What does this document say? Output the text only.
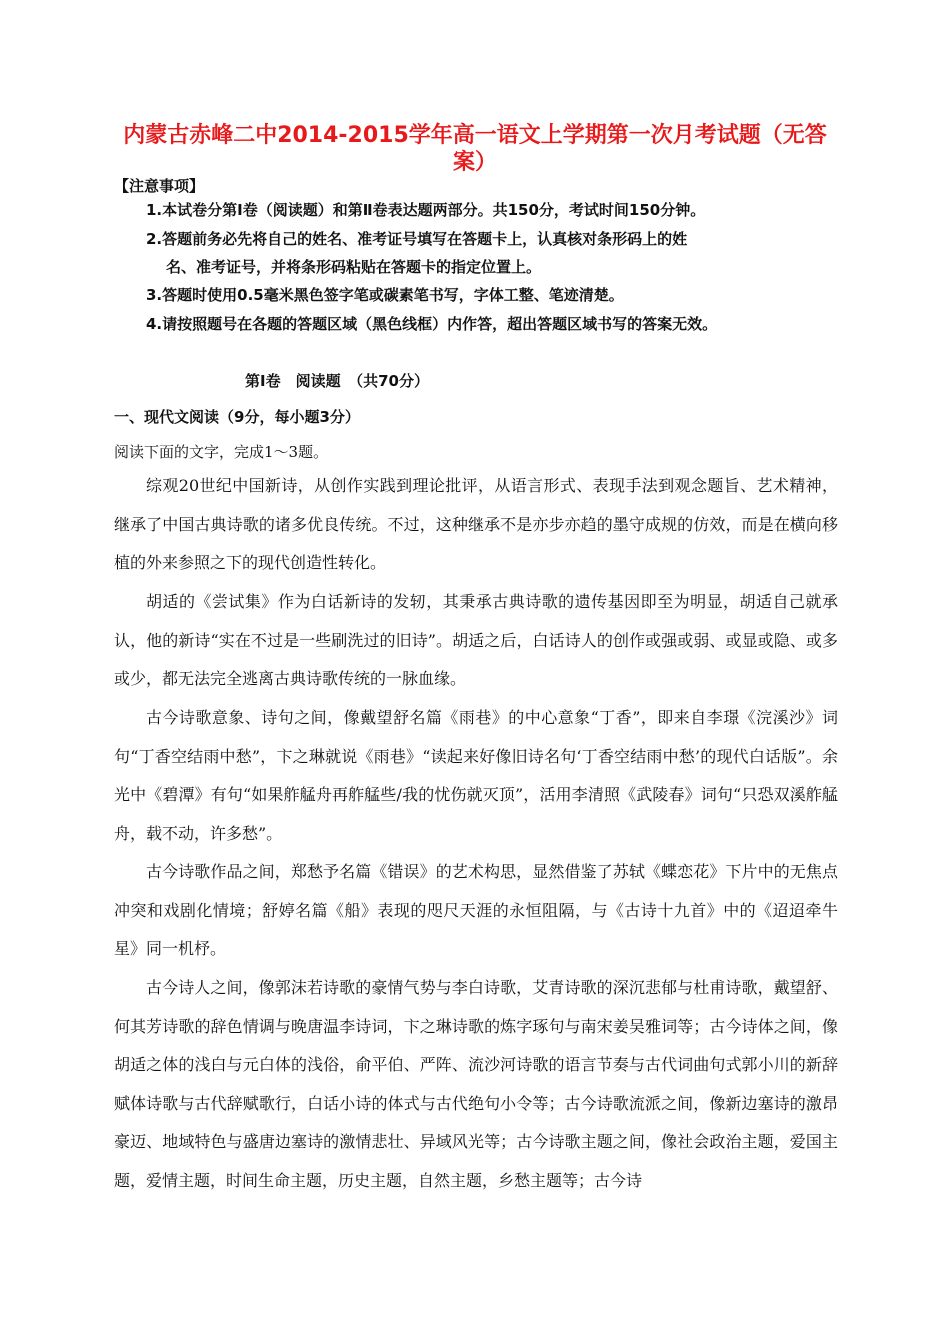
内蒙古赤峰二中2014-2015学年高一语文上学期第一次月考试题（无答案）
【注意事项】
1.本试卷分第Ⅰ卷（阅读题）和第Ⅱ卷表达题两部分。共150分，考试时间150分钟。
2.答题前务必先将自己的姓名、准考证号填写在答题卡上，认真核对条形码上的姓
名、准考证号，并将条形码粘贴在答题卡的指定位置上。
3.答题时使用0.5毫米黑色签字笔或碳素笔书写，字体工整、笔迹清楚。
4.请按照题号在各题的答题区域（黑色线框）内作答，超出答题区域书写的答案无效。
第Ⅰ卷　阅读题　（共70分）
一、现代文阅读（9分，每小题3分）
阅读下面的文字，完成1～3题。

综观20世纪中国新诗，从创作实践到理论批评，从语言形式、表现手法到观念题旨、艺术精神，继承了中国古典诗歌的诸多优良传统。不过，这种继承不是亦步亦趋的墨守成规的仿效，而是在横向移植的外来参照之下的现代创造性转化。

胡适的《尝试集》作为白话新诗的发轫，其秉承古典诗歌的遗传基因即至为明显，胡适自己就承认，他的新诗“实在不过是一些刷洗过的旧诗”。胡适之后，白话诗人的创作或强或弱、或显或隐、或多或少，都无法完全逃离古典诗歌传统的一脉血缘。

古今诗歌意象、诗句之间，像戴望舒名篇《雨巷》的中心意象“丁香”，即来自李璟《浣溪沙》词句“丁香空结雨中愁”，卞之琳就说《雨巷》“读起来好像旧诗名句‘丁香空结雨中愁’的现代白话版”。余光中《碧潭》有句“如果舴艋舟再舴艋些/我的忧伤就灭顶”，活用李清照《武陵春》词句“只恐双溪舴艋舟，载不动，许多愁”。

古今诗歌作品之间，郑愁予名篇《错误》的艺术构思，显然借鉴了苏轼《蝶恋花》下片中的无焦点冲突和戏剧化情境；舒婷名篇《船》表现的咫尺天涯的永恒阻隔，与《古诗十九首》中的《迢迢牵牛星》同一机杼。

古今诗人之间，像郭沫若诗歌的豪情气势与李白诗歌，艾青诗歌的深沉悲郁与杜甫诗歌，戴望舒、何其芳诗歌的辞色情调与晚唐温李诗词，卞之琳诗歌的炼字琢句与南宋姜吴雅词等；古今诗体之间，像胡适之体的浅白与元白体的浅俗，俞平伯、严阵、流沙河诗歌的语言节奏与古代词曲句式郭小川的新辞赋体诗歌与古代辞赋歌行，白话小诗的体式与古代绝句小令等；古今诗歌流派之间，像新边塞诗的激昂豪迈、地域特色与盛唐边塞诗的激情悲壮、异域风光等；古今诗歌主题之间，像社会政治主题，爱国主题，爱情主题，时间生命主题，历史主题，自然主题，乡愁主题等；古今诗
